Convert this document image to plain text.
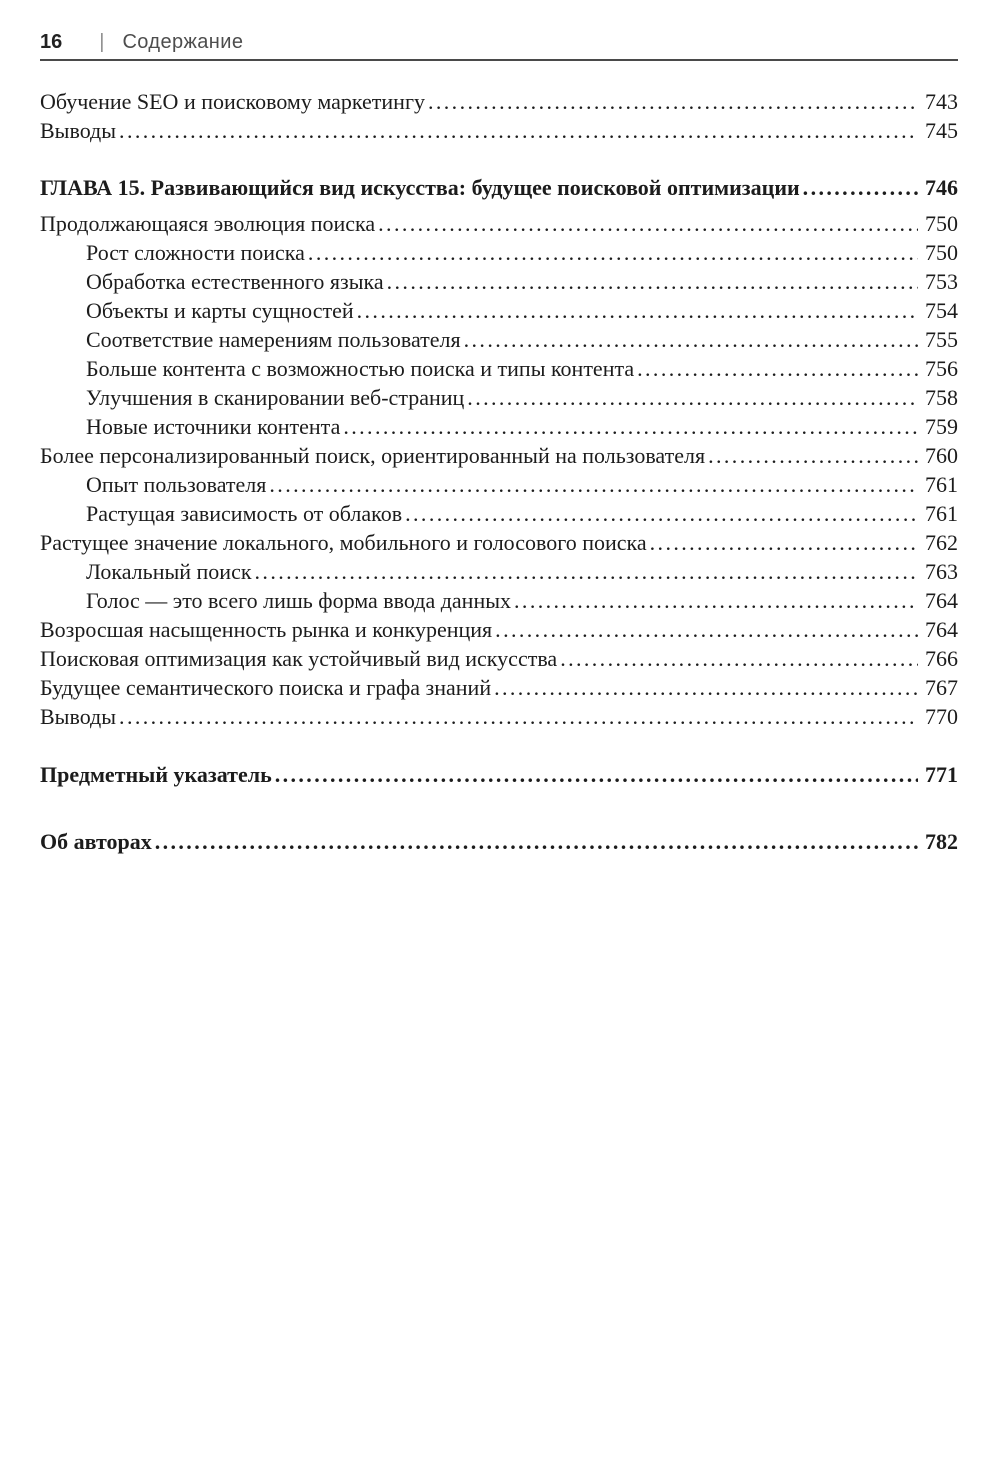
16 | Содержание
Обучение SEO и поисковому маркетингу .....	743
Выводы .....	745
ГЛАВА 15. Развивающийся вид искусства: будущее поисковой оптимизации .....	746
Продолжающаяся эволюция поиска .....	750
Рост сложности поиска .....	750
Обработка естественного языка .....	753
Объекты и карты сущностей .....	754
Соответствие намерениям пользователя .....	755
Больше контента с возможностью поиска и типы контента .....	756
Улучшения в сканировании веб-страниц .....	758
Новые источники контента .....	759
Более персонализированный поиск, ориентированный на пользователя .....	760
Опыт пользователя .....	761
Растущая зависимость от облаков .....	761
Растущее значение локального, мобильного и голосового поиска .....	762
Локальный поиск .....	763
Голос — это всего лишь форма ввода данных .....	764
Возросшая насыщенность рынка и конкуренция .....	764
Поисковая оптимизация как устойчивый вид искусства .....	766
Будущее семантического поиска и графа знаний .....	767
Выводы .....	770
Предметный указатель .....	771
Об авторах .....	782
